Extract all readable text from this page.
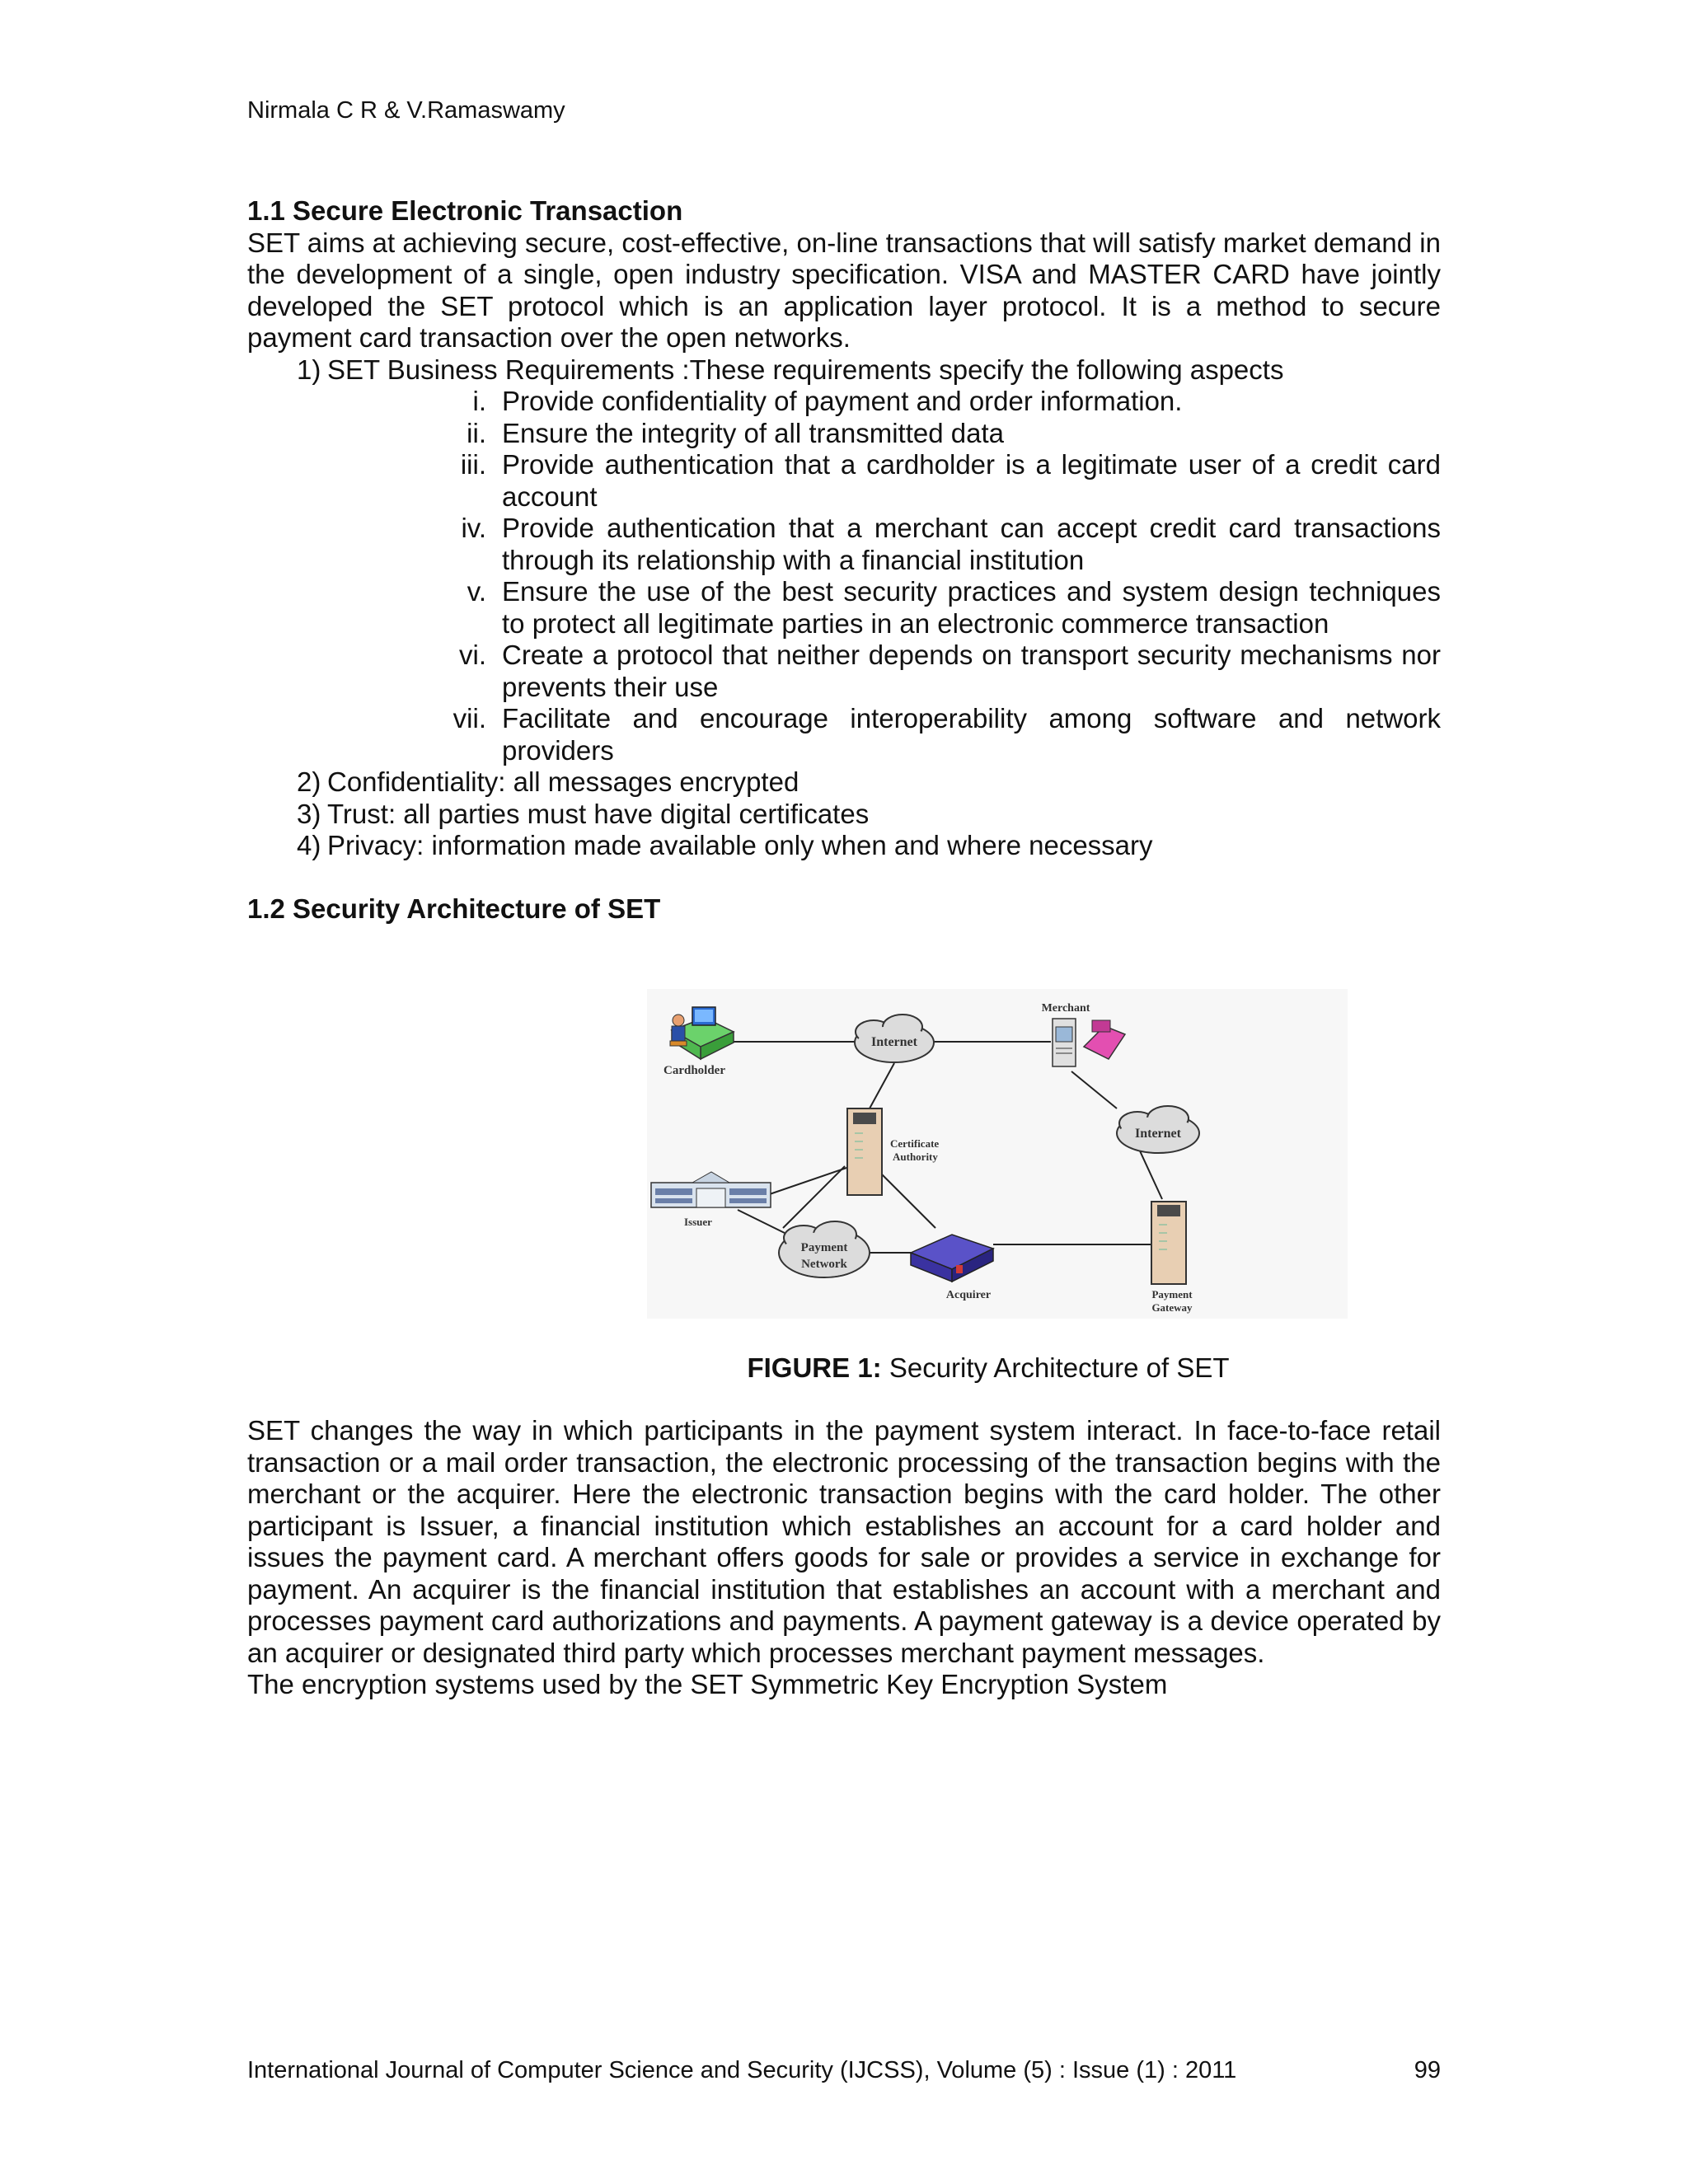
Nirmala C R & V.Ramaswamy
1.1 Secure Electronic Transaction

SET aims at achieving secure, cost-effective, on-line transactions that will satisfy market demand in the development of a single, open industry specification. VISA and MASTER CARD have jointly developed the SET protocol which is an application layer protocol. It is a method to secure payment card transaction over the open networks.

1) SET Business Requirements :These requirements specify the following aspects
i. Provide confidentiality of payment and order information.
ii. Ensure the integrity of all transmitted data
iii. Provide authentication that a cardholder is a legitimate user of a credit card account
iv. Provide authentication that a merchant can accept credit card transactions through its relationship with a financial institution
v. Ensure the use of the best security practices and system design techniques to protect all legitimate parties in an electronic commerce transaction
vi. Create a protocol that neither depends on transport security mechanisms nor prevents their use
vii. Facilitate and encourage interoperability among software and network providers
2) Confidentiality: all messages encrypted
3) Trust: all parties must have digital certificates
4) Privacy: information made available only when and where necessary
1.2 Security Architecture of SET
Cardholder
Internet
Merchant
Internet
Certificate
Authority
Issuer
Payment
Network
Acquirer	Payment
Gateway
FIGURE 1: Security Architecture of SET

SET changes the way in which participants in the payment system interact. In face-to-face retail transaction or a mail order transaction, the electronic processing of the transaction begins with the merchant or the acquirer. Here the electronic transaction begins with the card holder. The other participant is Issuer, a financial institution which establishes an account for a card holder and issues the payment card. A merchant offers goods for sale or provides a service in exchange for payment. An acquirer is the financial institution that establishes an account with a merchant and processes payment card authorizations and payments. A payment gateway is a device operated by an acquirer or designated third party which processes merchant payment messages.

The encryption systems used by the SET Symmetric Key Encryption System

International Journal of Computer Science and Security (IJCSS), Volume (5) : Issue (1) : 2011	99
